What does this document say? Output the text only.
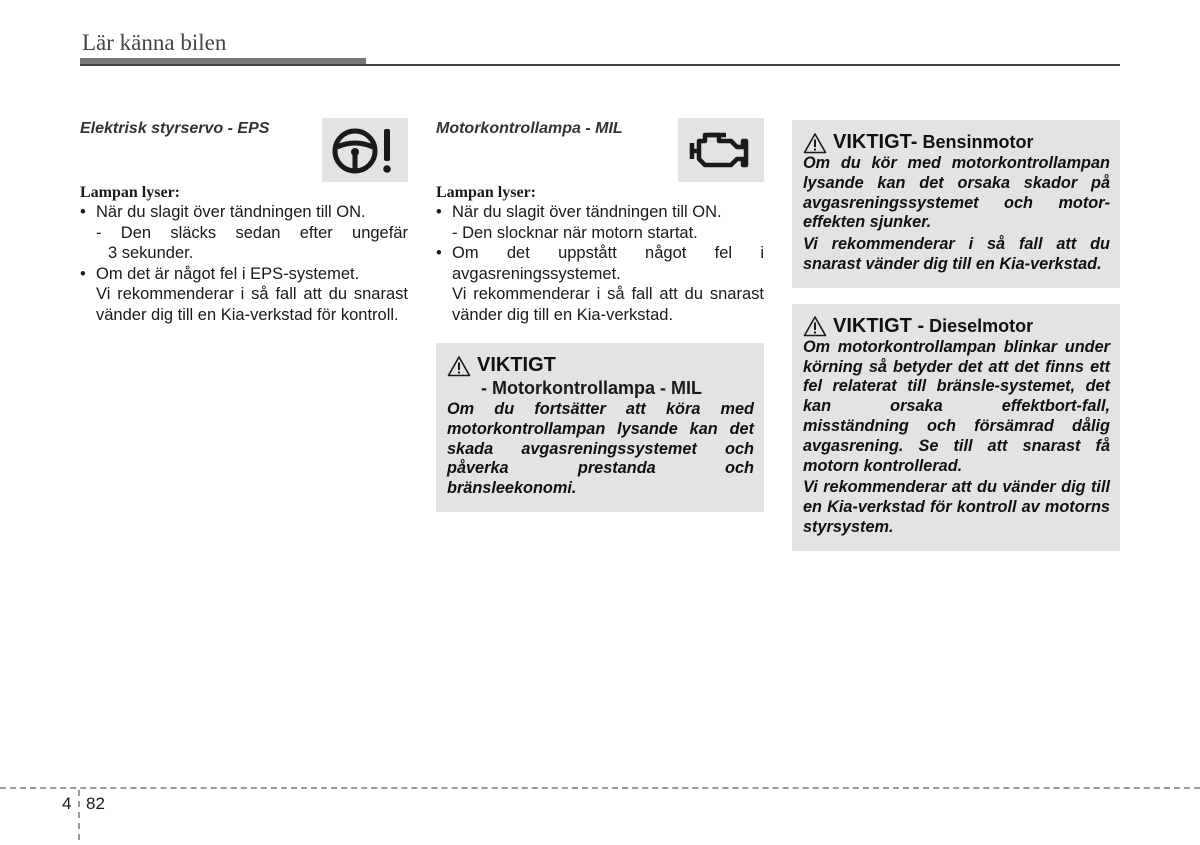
Lär känna bilen
Elektrisk styrservo - EPS
Lampan lyser:
• När du slagit över tändningen till ON.
- Den släcks sedan efter ungefär
3 sekunder.
• Om det är något fel i EPS-systemet.
Vi rekommenderar i så fall att du snarast vänder dig till en Kia-verkstad för kontroll.
Motorkontrollampa - MIL
Lampan lyser:
• När du slagit över tändningen till ON.
- Den slocknar när motorn startat.
• Om det uppstått något fel i avgasreningssystemet.
Vi rekommenderar i så fall att du snarast vänder dig till en Kia-verkstad.
VIKTIGT
- Motorkontrollampa - MIL
Om du fortsätter att köra med motorkontrollampan lysande kan det skada avgasreningssystemet och påverka prestanda och bränsleekonomi.
VIKTIGT- Bensinmotor
Om du kör med motorkontrollampan lysande kan det orsaka skador på avgasreningssystemet och motor-effekten sjunker.
Vi rekommenderar i så fall att du snarast vänder dig till en Kia-verkstad.
VIKTIGT - Dieselmotor
Om motorkontrollampan blinkar under körning så betyder det att det finns ett fel relaterat till bränsle-systemet, det kan orsaka effektbort-fall, misständning och försämrad dålig avgasrening. Se till att snarast få motorn kontrollerad.
Vi rekommenderar att du vänder dig till en Kia-verkstad för kontroll av motorns styrsystem.
4 82
